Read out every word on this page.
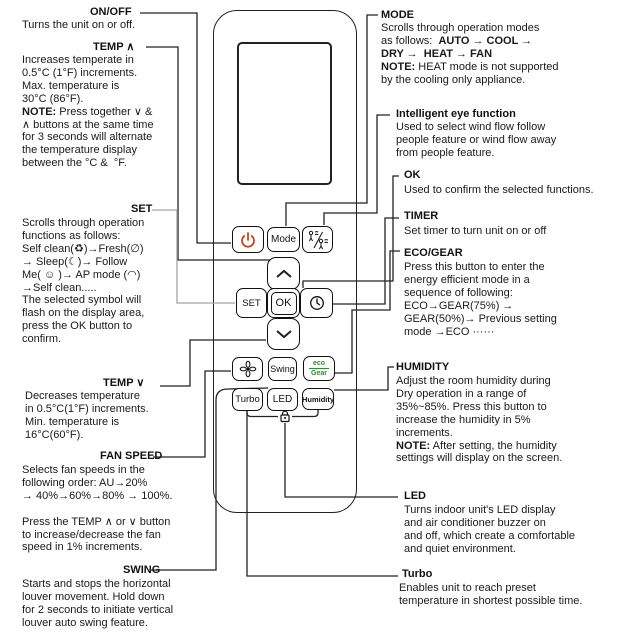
Mode
SET OK
Swing
eco
Gear
Turbo LED Humidity
ON/OFF
Turns the unit on or off.
TEMP ∧
Increases temperate in
0.5°C (1°F) increments.
Max. temperature is
30°C (86°F).
NOTE: Press together ∨ &
∧ buttons at the same time
for 3 seconds will alternate
the temperature display
between the °C &  °F.
SET
Scrolls through operation
functions as follows:
Self clean(♻)→Fresh(∅)
→ Sleep(☾)→ Follow
Me( ☺ )→ AP mode (◠)
→Self clean.....
The selected symbol will
flash on the display area,
press the OK button to
confirm.
TEMP ∨
Decreases temperature
in 0.5°C(1°F) increments.
Min. temperature is
16°C(60°F).
FAN SPEED
Selects fan speeds in the
following order: AU→20%
→ 40%→60%→80% → 100%.

Press the TEMP ∧ or ∨ button
to increase/decrease the fan
speed in 1% increments.
SWING
Starts and stops the horizontal
louver movement. Hold down
for 2 seconds to initiate vertical
louver auto swing feature.
MODE
Scrolls through operation modes
as follows:  AUTO → COOL →
DRY →  HEAT → FAN
NOTE: HEAT mode is not supported
by the cooling only appliance.
Intelligent eye function
Used to select wind flow follow
people feature or wind flow away
from people feature.
OK
Used to confirm the selected functions.
TIMER
Set timer to turn unit on or off
ECO/GEAR
Press this button to enter the
energy efficient mode in a
sequence of following:
ECO→GEAR(75%) →
GEAR(50%)→ Previous setting
mode →ECO ······
HUMIDITY
Adjust the room humidity during
Dry operation in a range of
35%~85%. Press this button to
increase the humidity in 5%
increments.
NOTE: After setting, the humidity
settings will display on the screen.
LED
Turns indoor unit's LED display
and air conditioner buzzer on
and off, which create a comfortable
and quiet environment.
Turbo
Enables unit to reach preset
temperature in shortest possible time.
